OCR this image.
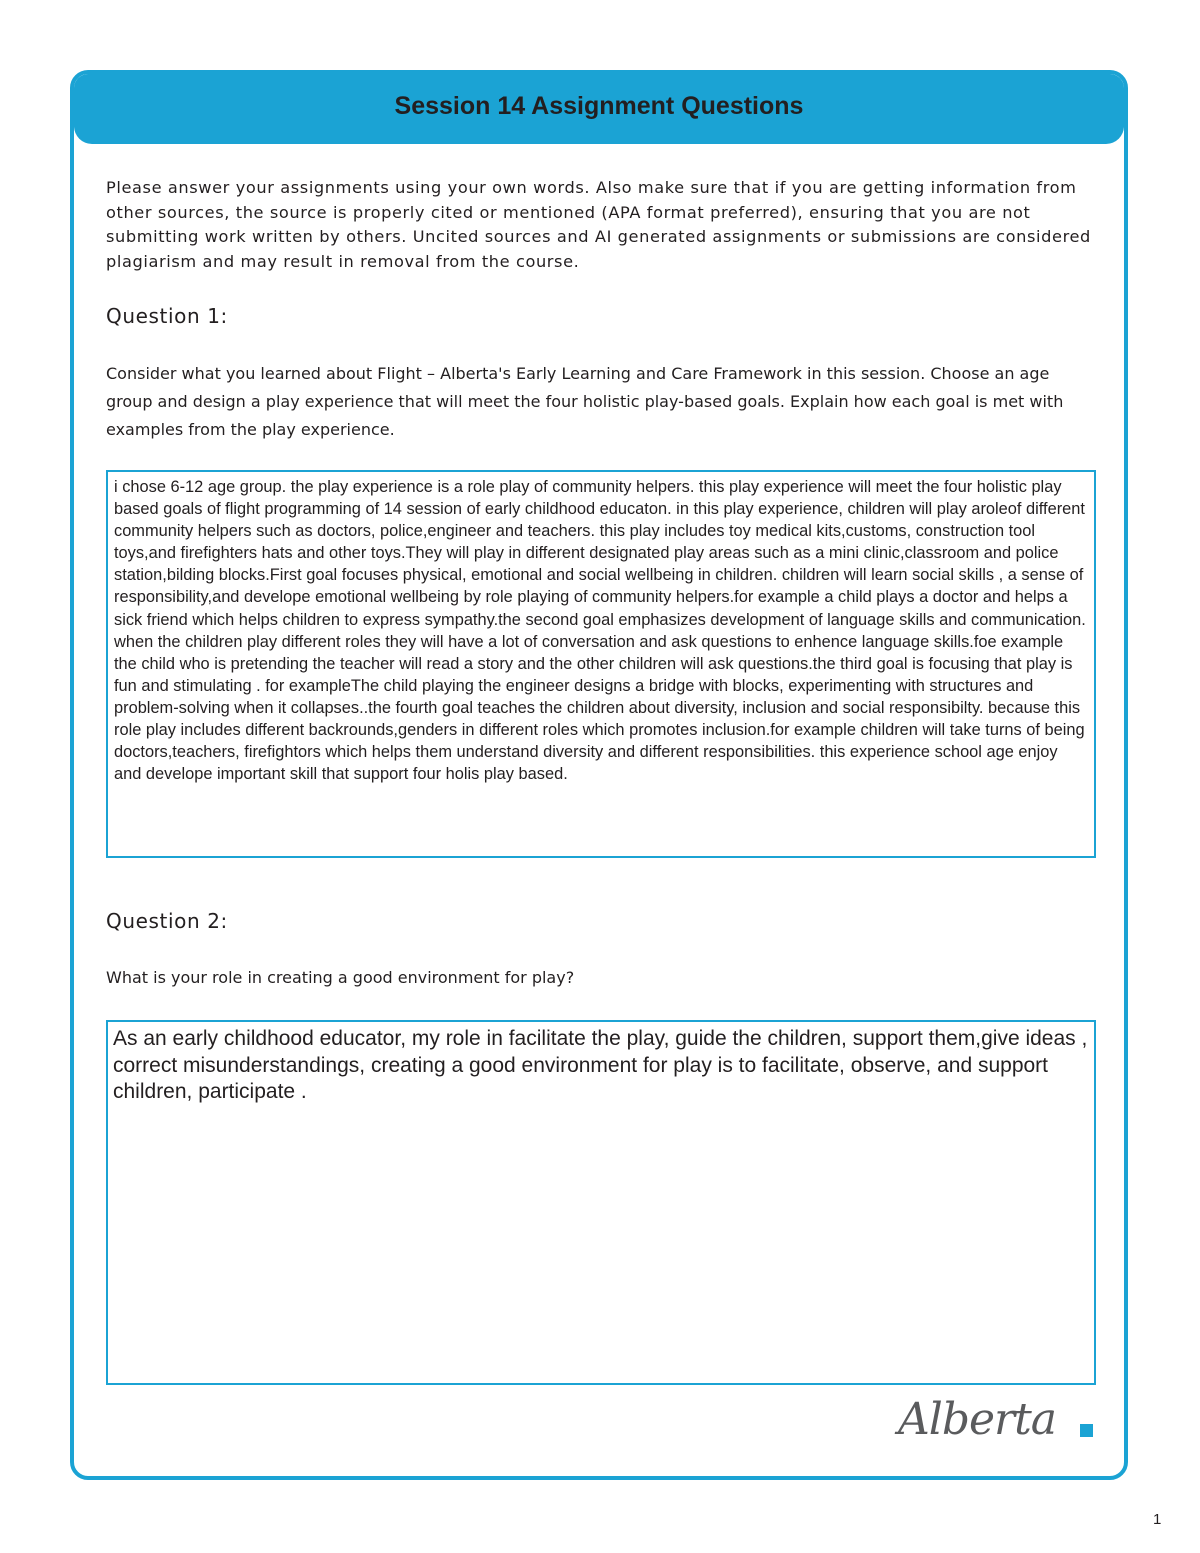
Session 14 Assignment Questions

Please answer your assignments using your own words. Also make sure that if you are getting information from other sources, the source is properly cited or mentioned (APA format preferred), ensuring that you are not submitting work written by others. Uncited sources and AI generated assignments or submissions are considered plagiarism and may result in removal from the course.

Question 1:

Consider what you learned about Flight – Alberta's Early Learning and Care Framework in this session. Choose an age group and design a play experience that will meet the four holistic play-based goals. Explain how each goal is met with examples from the play experience.

i chose 6-12 age group. the play experience is a role play of community helpers. this play experience will meet the four holistic play based goals of flight programming of 14 session of early childhood educaton. in this play experience, children will play aroleof different community helpers such as doctors, police,engineer and teachers. this play includes toy medical kits,customs, construction tool toys,and firefighters hats and other toys.They will play in different designated play areas such as a mini clinic,classroom and police station,bilding blocks.First goal focuses physical, emotional and social wellbeing in children. children will learn social skills , a sense of responsibility,and develope emotional wellbeing by role playing of community helpers.for example a child plays a doctor and helps a sick friend which helps children to express sympathy.the second goal emphasizes development of language skills and communication. when the children play different roles they will have a lot of conversation and ask questions to enhence language skills.foe example the child who is pretending the teacher will read a story and the other children will ask questions.the third goal is focusing that play is fun and stimulating . for exampleThe child playing the engineer designs a bridge with blocks, experimenting with structures and problem-solving when it collapses..the fourth goal teaches the children about diversity, inclusion and social responsibilty. because this role play includes different backrounds,genders in different roles which promotes inclusion.for example children will take turns of being doctors,teachers, firefightors which helps them understand diversity and different responsibilities. this experience school age enjoy and develope important skill that support four holis play based.

Question 2:

What is your role in creating a good environment for play?

As an early childhood educator, my role in facilitate the play, guide the children, support them,give ideas , correct misunderstandings, creating a good environment for play is to facilitate, observe, and support children, participate .

Alberta

1
